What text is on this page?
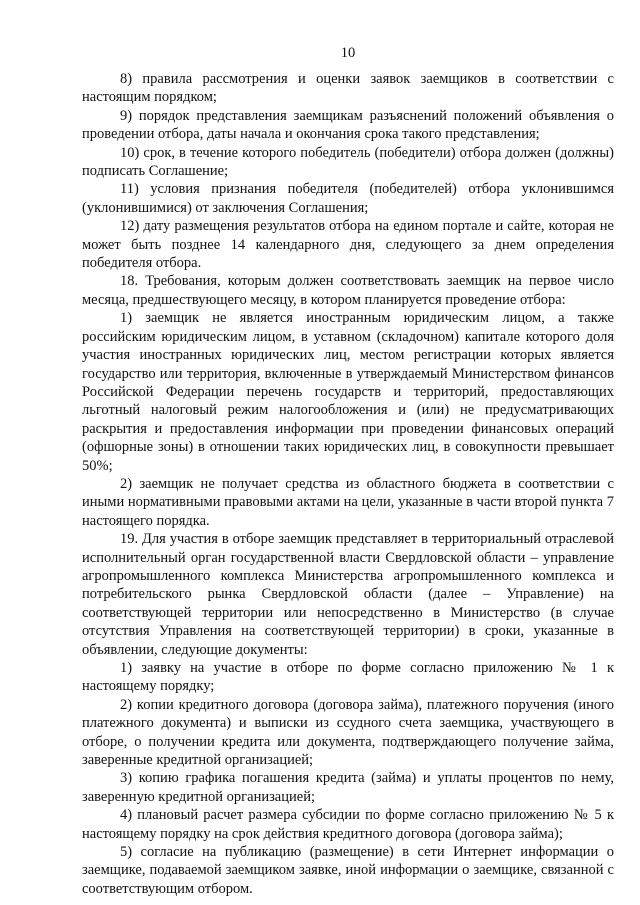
10

8) правила рассмотрения и оценки заявок заемщиков в соответствии с настоящим порядком;

9) порядок представления заемщикам разъяснений положений объявления о проведении отбора, даты начала и окончания срока такого представления;

10) срок, в течение которого победитель (победители) отбора должен (должны) подписать Соглашение;

11) условия признания победителя (победителей) отбора уклонившимся (уклонившимися) от заключения Соглашения;

12) дату размещения результатов отбора на едином портале и сайте, которая не может быть позднее 14 календарного дня, следующего за днем определения победителя отбора.

18. Требования, которым должен соответствовать заемщик на первое число месяца, предшествующего месяцу, в котором планируется проведение отбора:

1) заемщик не является иностранным юридическим лицом, а также российским юридическим лицом, в уставном (складочном) капитале которого доля участия иностранных юридических лиц, местом регистрации которых является государство или территория, включенные в утверждаемый Министерством финансов Российской Федерации перечень государств и территорий, предоставляющих льготный налоговый режим налогообложения и (или) не предусматривающих раскрытия и предоставления информации при проведении финансовых операций (офшорные зоны) в отношении таких юридических лиц, в совокупности превышает 50%;

2) заемщик не получает средства из областного бюджета в соответствии с иными нормативными правовыми актами на цели, указанные в части второй пункта 7 настоящего порядка.

19. Для участия в отборе заемщик представляет в территориальный отраслевой исполнительный орган государственной власти Свердловской области – управление агропромышленного комплекса Министерства агропромышленного комплекса и потребительского рынка Свердловской области (далее – Управление) на соответствующей территории или непосредственно в Министерство (в случае отсутствия Управления на соответствующей территории) в сроки, указанные в объявлении, следующие документы:

1) заявку на участие в отборе по форме согласно приложению № 1 к настоящему порядку;

2) копии кредитного договора (договора займа), платежного поручения (иного платежного документа) и выписки из ссудного счета заемщика, участвующего в отборе, о получении кредита или документа, подтверждающего получение займа, заверенные кредитной организацией;

3) копию графика погашения кредита (займа) и уплаты процентов по нему, заверенную кредитной организацией;

4) плановый расчет размера субсидии по форме согласно приложению № 5 к настоящему порядку на срок действия кредитного договора (договора займа);

5) согласие на публикацию (размещение) в сети Интернет информации о заемщике, подаваемой заемщиком заявке, иной информации о заемщике, связанной с соответствующим отбором.
